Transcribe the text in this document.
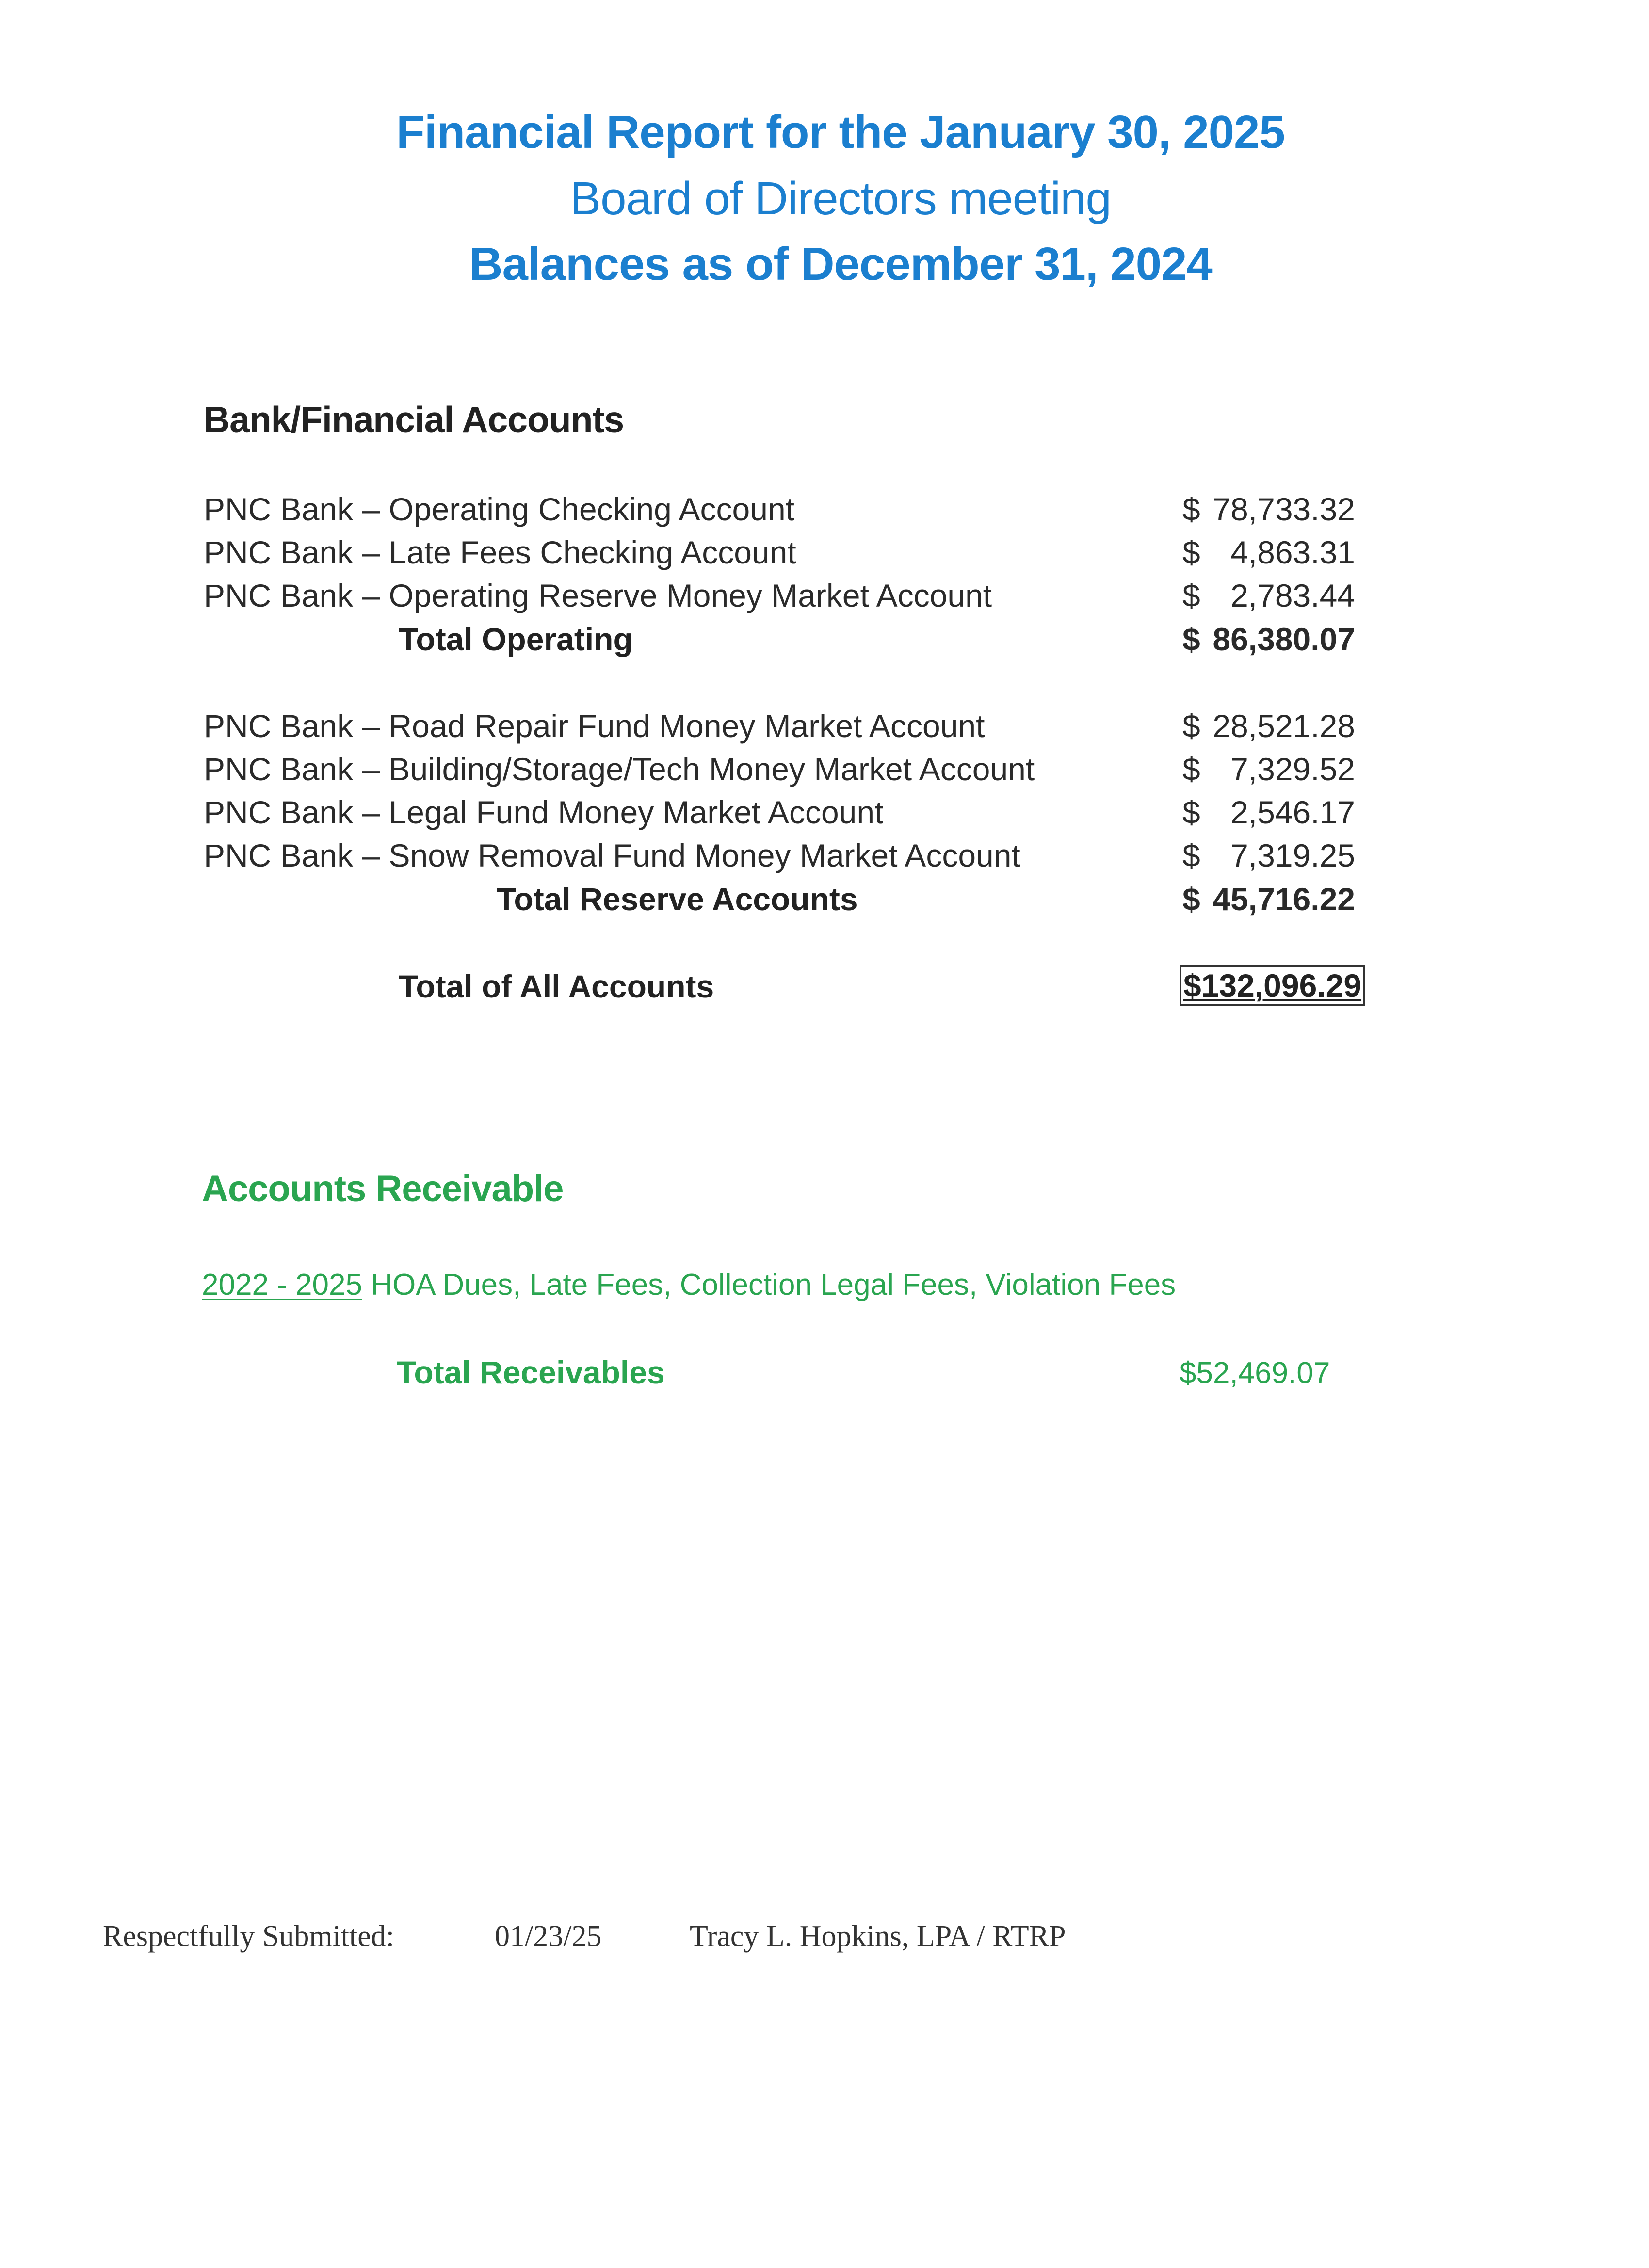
Financial Report for the January 30, 2025
Board of Directors meeting
Balances as of December 31, 2024
Bank/Financial Accounts
PNC Bank – Operating Checking Account	$ 78,733.32
PNC Bank – Late Fees Checking Account	$ 4,863.31
PNC Bank – Operating Reserve Money Market Account	$ 2,783.44
Total Operating	$ 86,380.07
PNC Bank – Road Repair Fund Money Market Account	$ 28,521.28
PNC Bank – Building/Storage/Tech Money Market Account	$ 7,329.52
PNC Bank – Legal Fund Money Market Account	$ 2,546.17
PNC Bank – Snow Removal Fund Money Market Account	$ 7,319.25
Total Reserve Accounts	$ 45,716.22
Total of All Accounts	$132,096.29
Accounts Receivable
2022 - 2025 HOA Dues, Late Fees, Collection Legal Fees, Violation Fees
Total Receivables	$52,469.07
Respectfully Submitted:	01/23/25	Tracy L. Hopkins, LPA / RTRP
